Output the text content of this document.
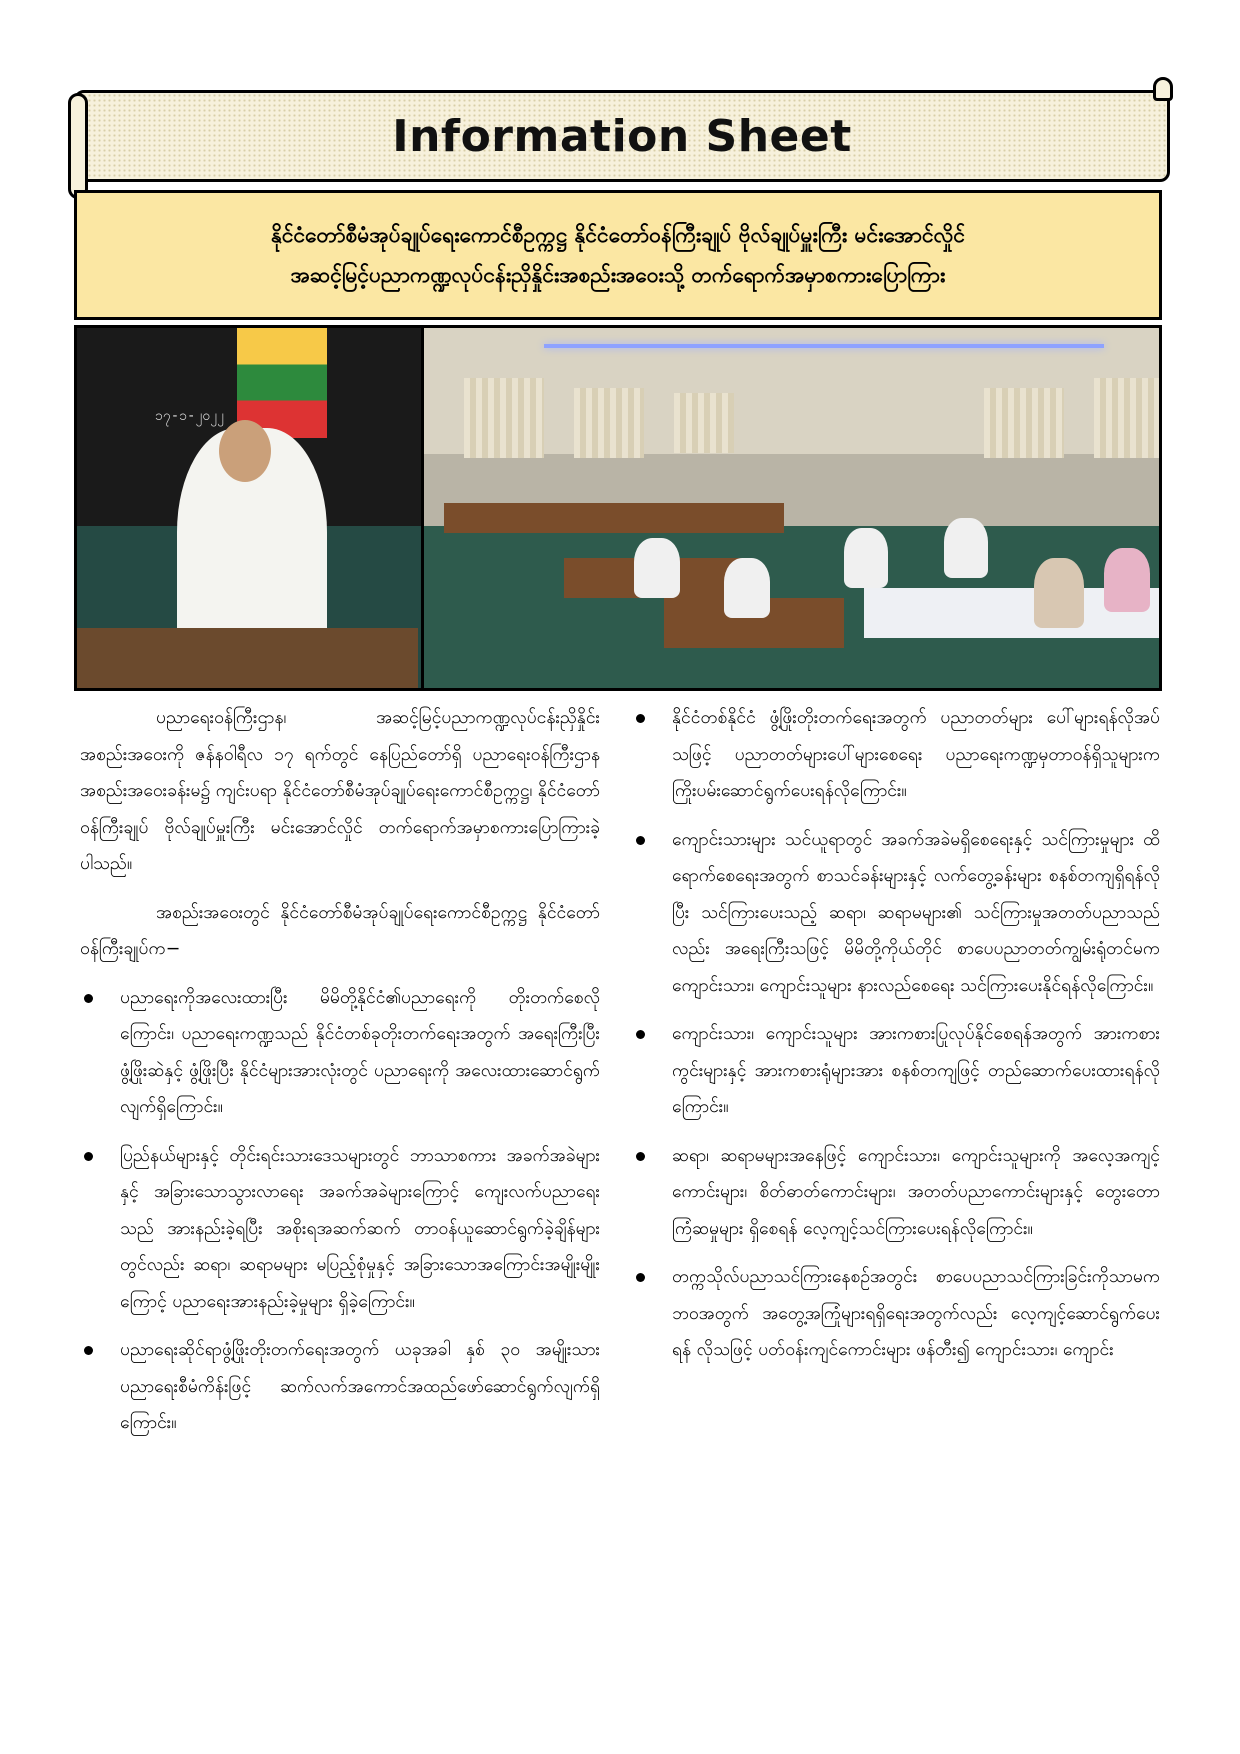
Information Sheet

နိုင်ငံတော်စီမံအုပ်ချုပ်ရေးကောင်စီဥက္ကဋ္ဌ နိုင်ငံတော်ဝန်ကြီးချုပ် ဗိုလ်ချုပ်မှူးကြီး မင်းအောင်လှိုင်

အဆင့်မြင့်ပညာကဏ္ဍလုပ်ငန်းညှိနှိုင်းအစည်းအဝေးသို့ တက်ရောက်အမှာစကားပြောကြား

၁၇-၁-၂၀၂၂

ပညာရေးဝန်ကြီးဌာန၊ အဆင့်မြင့်ပညာကဏ္ဍလုပ်ငန်းညှိနှိုင်းအစည်းအဝေးကို ဇန်နဝါရီလ ၁၇ ရက်တွင် နေပြည်တော်ရှိ ပညာရေးဝန်ကြီးဌာနအစည်းအဝေးခန်းမ၌ ကျင်းပရာ နိုင်ငံတော်စီမံအုပ်ချုပ်ရေးကောင်စီဥက္ကဋ္ဌ၊ နိုင်ငံတော်ဝန်ကြီးချုပ် ဗိုလ်ချုပ်မှူးကြီး မင်းအောင်လှိုင် တက်ရောက်အမှာစကားပြောကြားခဲ့ပါသည်။

အစည်းအဝေးတွင် နိုင်ငံတော်စီမံအုပ်ချုပ်ရေးကောင်စီဥက္ကဋ္ဌ နိုင်ငံတော်ဝန်ကြီးချုပ်က−

ပညာရေးကိုအလေးထားပြီး မိမိတို့နိုင်ငံ၏ပညာရေးကို တိုးတက်စေလိုကြောင်း၊ ပညာရေးကဏ္ဍသည် နိုင်ငံတစ်ခုတိုးတက်ရေးအတွက် အရေးကြီးပြီး ဖွံ့ဖြိုးဆဲနှင့် ဖွံ့ဖြိုးပြီး နိုင်ငံများအားလုံးတွင် ပညာရေးကို အလေးထားဆောင်ရွက်လျက်ရှိကြောင်း။
ပြည်နယ်များနှင့် တိုင်းရင်းသားဒေသများတွင် ဘာသာစကား အခက်အခဲများနှင့် အခြားသောသွားလာရေး အခက်အခဲများကြောင့် ကျေးလက်ပညာရေးသည် အားနည်းခဲ့ရပြီး အစိုးရအဆက်ဆက် တာဝန်ယူဆောင်ရွက်ခဲ့ချိန်များတွင်လည်း ဆရာ၊ ဆရာမများ မပြည့်စုံမှုနှင့် အခြားသောအကြောင်းအမျိုးမျိုးကြောင့် ပညာရေးအားနည်းခဲ့မှုများ ရှိခဲ့ကြောင်း။
ပညာရေးဆိုင်ရာဖွံ့ဖြိုးတိုးတက်ရေးအတွက် ယခုအခါ နှစ် ၃၀ အမျိုးသားပညာရေးစီမံကိန်းဖြင့် ဆက်လက်အကောင်အထည်ဖော်ဆောင်ရွက်လျက်ရှိကြောင်း။
နိုင်ငံတစ်နိုင်ငံ ဖွံ့ဖြိုးတိုးတက်ရေးအတွက် ပညာတတ်များ ပေါ်များရန်လိုအပ်သဖြင့် ပညာတတ်များပေါ်များစေရေး ပညာရေးကဏ္ဍမှတာဝန်ရှိသူများက ကြိုးပမ်းဆောင်ရွက်ပေးရန်လိုကြောင်း။
ကျောင်းသားများ သင်ယူရာတွင် အခက်အခဲမရှိစေရေးနှင့် သင်ကြားမှုများ ထိရောက်စေရေးအတွက် စာသင်ခန်းများနှင့် လက်တွေ့ခန်းများ စနစ်တကျရှိရန်လိုပြီး သင်ကြားပေးသည့် ဆရာ၊ ဆရာမများ၏ သင်ကြားမှုအတတ်ပညာသည်လည်း အရေးကြီးသဖြင့် မိမိတို့ကိုယ်တိုင် စာပေပညာတတ်ကျွမ်းရုံတင်မက ကျောင်းသား၊ ကျောင်းသူများ နားလည်စေရေး သင်ကြားပေးနိုင်ရန်လိုကြောင်း။
ကျောင်းသား၊ ကျောင်းသူများ အားကစားပြုလုပ်နိုင်စေရန်အတွက် အားကစားကွင်းများနှင့် အားကစားရုံများအား စနစ်တကျဖြင့် တည်ဆောက်ပေးထားရန်လိုကြောင်း။
ဆရာ၊ ဆရာမများအနေဖြင့် ကျောင်းသား၊ ကျောင်းသူများကို အလေ့အကျင့်ကောင်းများ၊ စိတ်ဓာတ်ကောင်းများ၊ အတတ်ပညာကောင်းများနှင့် တွေးတောကြံဆမှုများ ရှိစေရန် လေ့ကျင့်သင်ကြားပေးရန်လိုကြောင်း။
တက္ကသိုလ်ပညာသင်ကြားနေစဉ်အတွင်း စာပေပညာသင်ကြားခြင်းကိုသာမက ဘဝအတွက် အတွေ့အကြုံများရရှိရေးအတွက်လည်း လေ့ကျင့်ဆောင်ရွက်ပေးရန် လိုသဖြင့် ပတ်ဝန်းကျင်ကောင်းများ ဖန်တီး၍ ကျောင်းသား၊ ကျောင်း
